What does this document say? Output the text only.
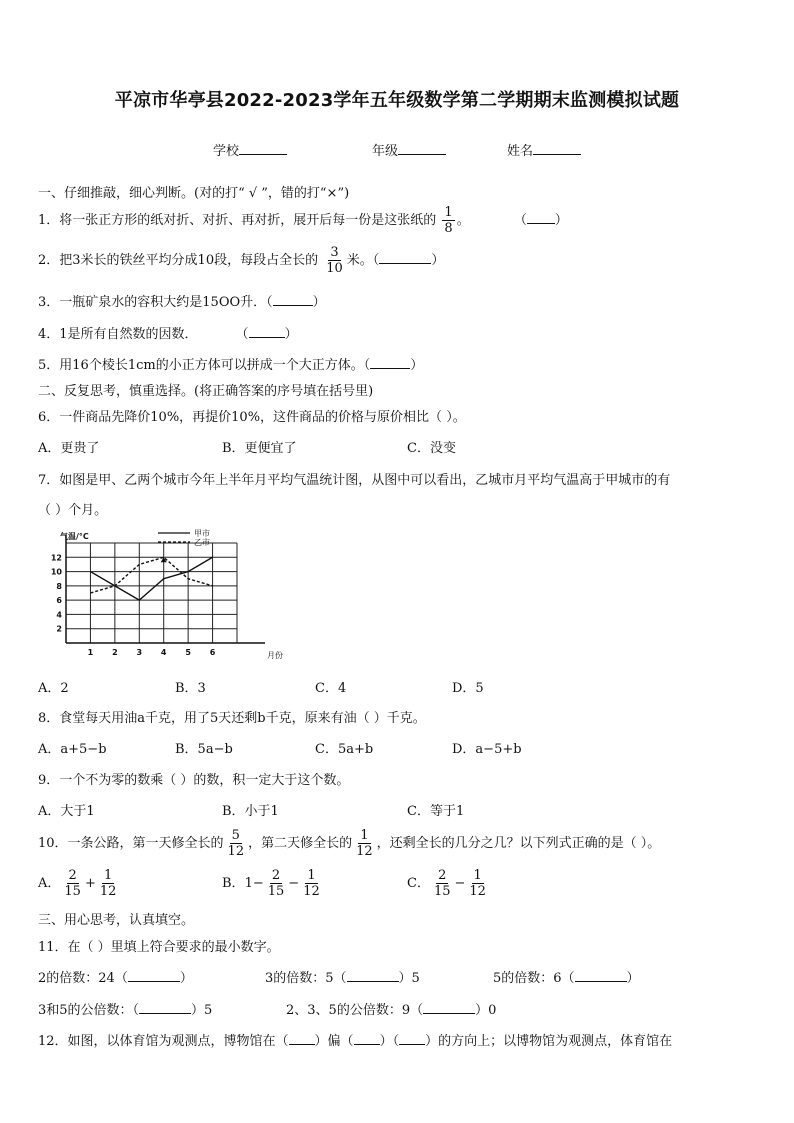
平凉市华亭县2022-2023学年五年级数学第二学期期末监测模拟试题
学校	年级	姓名
一、仔细推敲，细心判断。(对的打“ √ ”，错的打“×”)
1．将一张正方形的纸对折、对折、再对折，展开后每一份是这张纸的 $\frac{1}{8}$ 。	（ ）
2．把3米长的铁丝平均分成10段，每段占全长的 $\frac{3}{10}$ 米。（	）
3．一瓶矿泉水的容积大约是15OO升．（	）
4．1是所有自然数的因数．	（	）
5．用16个棱长1cm的小正方体可以拼成一个大正方体。（	）
二、反复思考，慎重选择。(将正确答案的序号填在括号里)
6．一件商品先降价10%，再提价10%，这件商品的价格与原价相比（ ）。
A．更贵了	B．更便宜了	C．没变
7．如图是甲、乙两个城市今年上半年月平均气温统计图，从图中可以看出，乙城市月平均气温高于甲城市的有
（ ）个月。
2
4
6
8
10
12
1 2 3 4 5 6	月份
气温/°C	甲市
乙市
A．2	B．3	C．4	D．5
8．食堂每天用油a千克，用了5天还剩b千克，原来有油（ ）千克。
A．a+5−b	B．5a−b	C．5a+b	D．a−5+b
9．一个不为零的数乘（ ）的数，积一定大于这个数。
A．大于1	B．小于1	C．等于1
10．一条公路，第一天修全长的 $\frac{5}{12}$ ，第二天修全长的 $\frac{1}{12}$ ，还剩全长的几分之几？以下列式正确的是（ ）。
A． $\frac{2}{15} + \frac{1}{12}$	B．$1- \frac{2}{15} - \frac{1}{12}$	C． $\frac{2}{15} - \frac{1}{12}$
三、用心思考，认真填空。
11．在（ ）里填上符合要求的最小数字。
2的倍数：24（	）	3的倍数：5（	）5	5的倍数：6（	）
3和5的公倍数：（	）5	2、3、5的公倍数：9（	）0
12．如图，以体育馆为观测点，博物馆在（ ）偏（ ）（ ）的方向上；以博物馆为观测点，体育馆在
